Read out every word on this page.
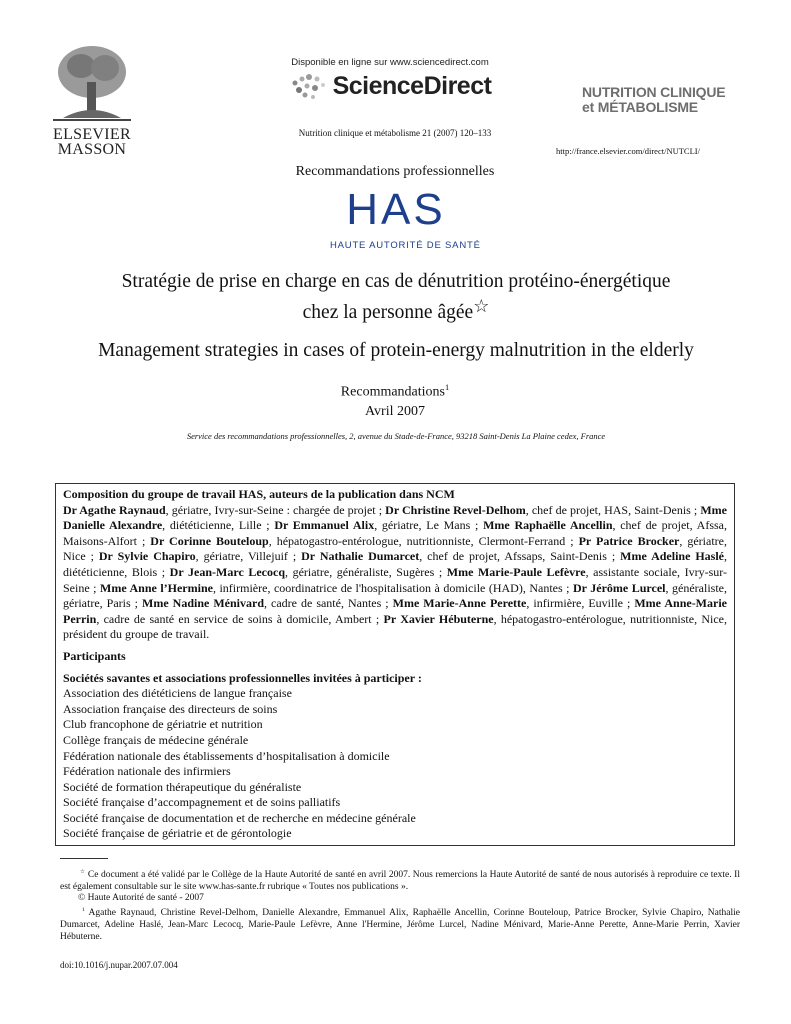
ELSEVIER
MASSON
Disponible en ligne sur www.sciencedirect.com
ScienceDirect
Nutrition clinique et métabolisme 21 (2007) 120–133
NUTRITION CLINIQUE
et MÉTABOLISME
http://france.elsevier.com/direct/NUTCLI/
Recommandations professionnelles
HAS
HAUTE AUTORITÉ DE SANTÉ
Stratégie de prise en charge en cas de dénutrition protéino-énergétique
chez la personne âgée☆
Management strategies in cases of protein-energy malnutrition in the elderly
Recommandations$^1$
Avril 2007
Service des recommandations professionnelles, 2, avenue du Stade-de-France, 93218 Saint-Denis La Plaine cedex, France
Composition du groupe de travail HAS, auteurs de la publication dans NCM
Dr Agathe Raynaud, gériatre, Ivry-sur-Seine : chargée de projet ; Dr Christine Revel-Delhom, chef de projet, HAS, Saint-Denis ; Mme Danielle Alexandre, diététicienne, Lille ; Dr Emmanuel Alix, gériatre, Le Mans ; Mme Raphaëlle Ancellin, chef de projet, Afssa, Maisons-Alfort ; Dr Corinne Bouteloup, hépatogastro-entérologue, nutritionniste, Clermont-Ferrand ; Pr Patrice Brocker, gériatre, Nice ; Dr Sylvie Chapiro, gériatre, Villejuif ; Dr Nathalie Dumarcet, chef de projet, Afssaps, Saint-Denis ; Mme Adeline Haslé, diététicienne, Blois ; Dr Jean-Marc Lecocq, gériatre, généraliste, Sugères ; Mme Marie-Paule Lefèvre, assistante sociale, Ivry-sur-Seine ; Mme Anne l’Hermine, infirmière, coordinatrice de l'hospitalisation à domicile (HAD), Nantes ; Dr Jérôme Lurcel, généraliste, gériatre, Paris ; Mme Nadine Ménivard, cadre de santé, Nantes ; Mme Marie-Anne Perette, infirmière, Euville ; Mme Anne-Marie Perrin, cadre de santé en service de soins à domicile, Ambert ; Pr Xavier Hébuterne, hépatogastro-entérologue, nutritionniste, Nice, président du groupe de travail.
Participants
Sociétés savantes et associations professionnelles invitées à participer :
Association des diététiciens de langue française
Association française des directeurs de soins
Club francophone de gériatrie et nutrition
Collège français de médecine générale
Fédération nationale des établissements d’hospitalisation à domicile
Fédération nationale des infirmiers
Société de formation thérapeutique du généraliste
Société française d’accompagnement et de soins palliatifs
Société française de documentation et de recherche en médecine générale
Société française de gériatrie et de gérontologie
☆ Ce document a été validé par le Collège de la Haute Autorité de santé en avril 2007. Nous remercions la Haute Autorité de santé de nous autorisés à reproduire ce texte. Il est également consultable sur le site www.has-sante.fr rubrique « Toutes nos publications ».
© Haute Autorité de santé - 2007
$^1$ Agathe Raynaud, Christine Revel-Delhom, Danielle Alexandre, Emmanuel Alix, Raphaëlle Ancellin, Corinne Bouteloup, Patrice Brocker, Sylvie Chapiro, Nathalie Dumarcet, Adeline Haslé, Jean-Marc Lecocq, Marie-Paule Lefèvre, Anne l'Hermine, Jérôme Lurcel, Nadine Ménivard, Marie-Anne Perette, Anne-Marie Perrin, Xavier Hébuterne.
doi:10.1016/j.nupar.2007.07.004
